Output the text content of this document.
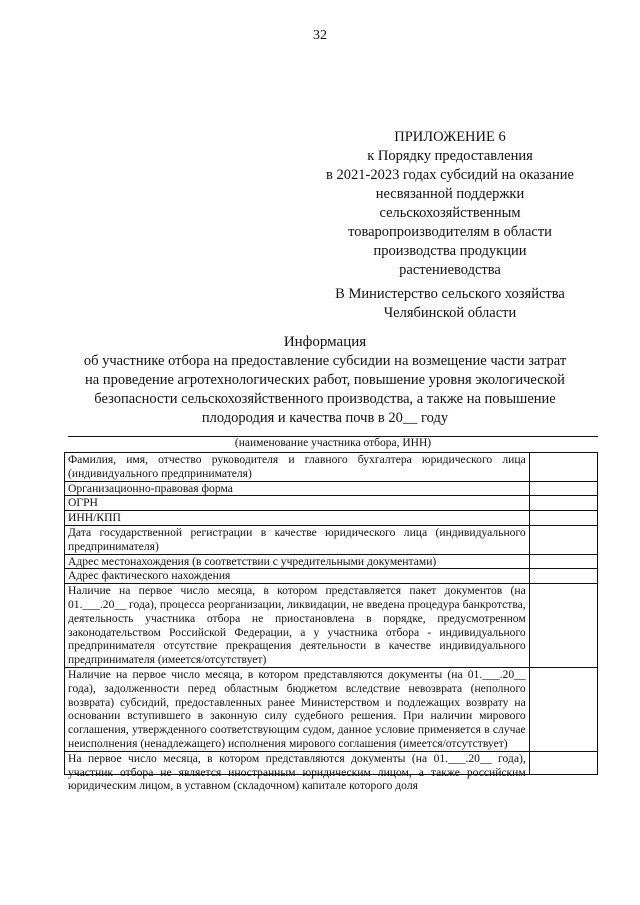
32
ПРИЛОЖЕНИЕ 6
к Порядку предоставления
в 2021-2023 годах субсидий на оказание
несвязанной поддержки
сельскохозяйственным
товаропроизводителям в области
производства продукции
растениеводства
В Министерство сельского хозяйства
Челябинской области
Информация
об участнике отбора на предоставление субсидии на возмещение части затрат
на проведение агротехнологических работ, повышение уровня экологической
безопасности сельскохозяйственного производства, а также на повышение
плодородия и качества почв в 20__ году
(наименование участника отбора, ИНН)
Фамилия, имя, отчество руководителя и главного бухгалтера юридического лица (индивидуального предпринимателя)	
Организационно-правовая форма	
ОГРН	
ИНН/КПП	
Дата государственной регистрации в качестве юридического лица (индивидуального предпринимателя)	
Адрес местонахождения (в соответствии с учредительными документами)	
Адрес фактического нахождения	
Наличие на первое число месяца, в котором представляется пакет документов (на 01.___.20__ года), процесса реорганизации, ликвидации, не введена процедура банкротства, деятельность участника отбора не приостановлена в порядке, предусмотренном законодательством Российской Федерации, а у участника отбора - индивидуального предпринимателя отсутствие прекращения деятельности в качестве индивидуального предпринимателя (имеется/отсутствует)	
Наличие на первое число месяца, в котором представляются документы (на 01.___.20__ года), задолженности перед областным бюджетом вследствие невозврата (неполного возврата) субсидий, предоставленных ранее Министерством и подлежащих возврату на основании вступившего в законную силу судебного решения. При наличии мирового соглашения, утвержденного соответствующим судом, данное условие применяется в случае неисполнения (ненадлежащего) исполнения мирового соглашения (имеется/отсутствует)	

На первое число месяца, в котором представляются документы (на 01.___.20__ года), участник отбора не является иностранным юридическим лицом, а также российским юридическим лицом, в уставном (складочном) капитале которого доля	
